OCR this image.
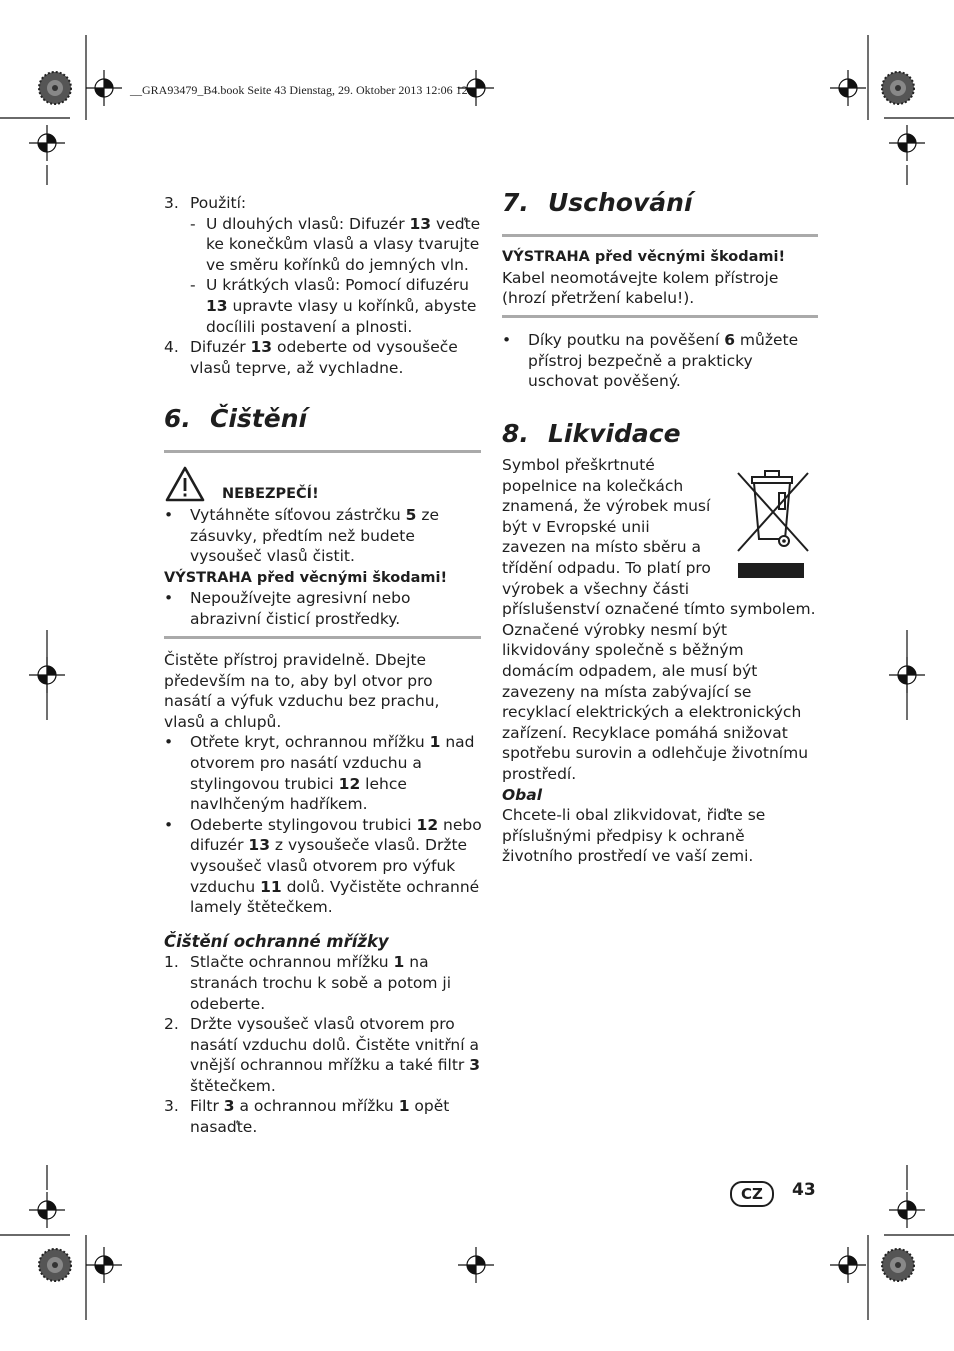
__GRA93479_B4.book Seite 43 Dienstag, 29. Oktober 2013 12:06 12
3. Použití:
- U dlouhých vlasů: Difuzér 13 veďte ke konečkům vlasů a vlasy tvarujte ve směru kořínků do jemných vln.
- U krátkých vlasů: Pomocí difuzéru 13 upravte vlasy u kořínků, abyste docílili postavení a plnosti.
4. Difuzér 13 odeberte od vysoušeče vlasů teprve, až vychladne.

6. Čištění

NEBEZPEČÍ!
•	Vytáhněte síťovou zástrčku 5 ze zásuvky, předtím než budete vysoušeč vlasů čistit.
VÝSTRAHA před věcnými škodami!
•	Nepoužívejte agresivní nebo abrazivní čisticí prostředky.

Čistěte přístroj pravidelně. Dbejte především na to, aby byl otvor pro nasátí a výfuk vzduchu bez prachu, vlasů a chlupů.

•	Otřete kryt, ochrannou mřížku 1 nad otvorem pro nasátí vzduchu a stylingovou trubici 12 lehce navlhčeným hadříkem.
•	Odeberte stylingovou trubici 12 nebo difuzér 13 z vysoušeče vlasů. Držte vysoušeč vlasů otvorem pro výfuk vzduchu 11 dolů. Vyčistěte ochranné lamely štětečkem.

Čištění ochranné mřížky

1. Stlačte ochrannou mřížku 1 na stranách trochu k sobě a potom ji odeberte.
2. Držte vysoušeč vlasů otvorem pro nasátí vzduchu dolů. Čistěte vnitřní a vnější ochrannou mřížku a také filtr 3 štětečkem.
3. Filtr 3 a ochrannou mřížku 1 opět nasaďte.

7. Uschování

VÝSTRAHA před věcnými škodami!

Kabel neomotávejte kolem přístroje (hrozí přetržení kabelu!).

•	Díky poutku na pověšení 6 můžete přístroj bezpečně a prakticky uschovat pověšený.

8. Likvidace

Symbol přeškrtnuté popelnice na kolečkách znamená, že výrobek musí být v Evropské unii zavezen na místo sběru a třídění odpadu. To platí pro výrobek a všechny části příslušenství označené tímto symbolem. Označené výrobky nesmí být likvidovány společně s běžným domácím odpadem, ale musí být zavezeny na místa zabývající se recyklací elektrických a elektronických zařízení. Recyklace pomáhá snižovat spotřebu surovin a odlehčuje životnímu prostředí.

Obal

Chcete-li obal zlikvidovat, řiďte se příslušnými předpisy k ochraně životního prostředí ve vaší zemi.

CZ	43
